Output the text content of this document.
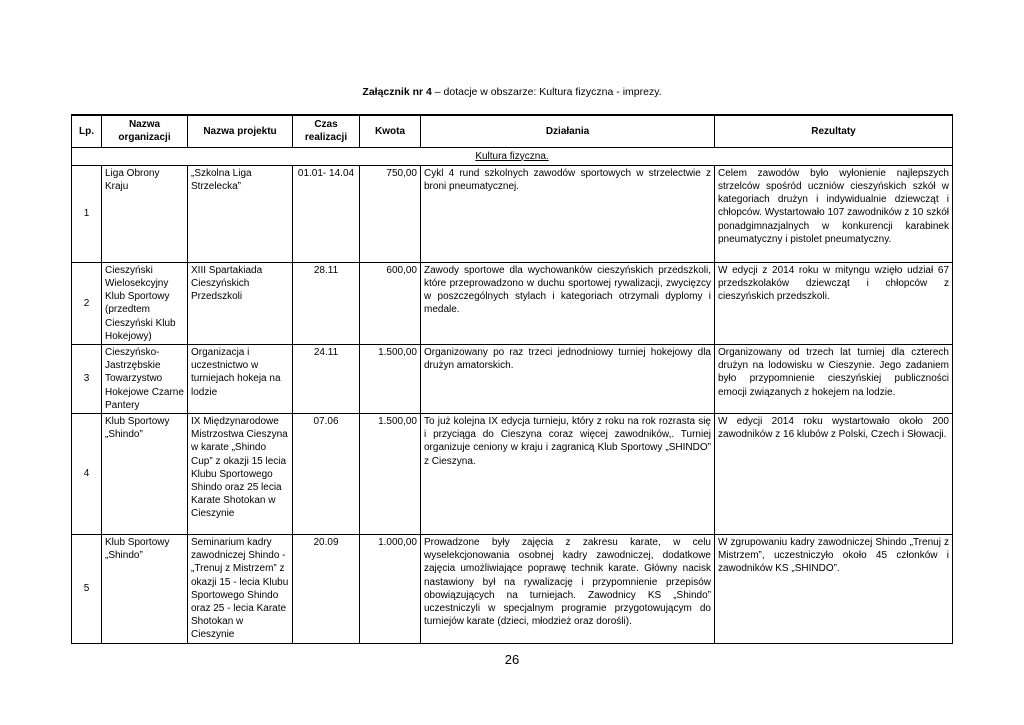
Załącznik nr 4 – dotacje w obszarze: Kultura fizyczna - imprezy.
Lp.	Nazwa organizacji	Nazwa projektu	Czas realizacji	Kwota	Działania	Rezultaty
Kultura fizyczna.						
1	Liga Obrony Kraju	„Szkolna Liga Strzelecka”	01.01- 14.04	750,00	Cykl 4 rund szkolnych zawodów sportowych w strzelectwie z broni pneumatycznej.	Celem zawodów było wyłonienie najlepszych strzelców spośród uczniów cieszyńskich szkół w kategoriach drużyn i indywidualnie dziewcząt i chłopców. Wystartowało 107 zawodników z 10 szkół ponadgimnazjalnych w konkurencji karabinek pneumatyczny i pistolet pneumatyczny.
2	Cieszyński Wielosekcyjny Klub Sportowy (przedtem Cieszyński Klub Hokejowy)	XIII Spartakiada Cieszyńskich Przedszkoli	28.11	600,00	Zawody sportowe dla wychowanków cieszyńskich przedszkoli, które przeprowadzono w duchu sportowej rywalizacji, zwycięzcy w poszczególnych stylach i kategoriach otrzymali dyplomy i medale.	W edycji z 2014 roku w mityngu wzięło udział 67 przedszkolaków dziewcząt i chłopców z cieszyńskich przedszkoli.
3	Cieszyńsko-Jastrzębskie Towarzystwo Hokejowe Czarne Pantery	Organizacja i uczestnictwo w turniejach hokeja na lodzie	24.11	1.500,00	Organizowany po raz trzeci jednodniowy turniej hokejowy dla drużyn amatorskich.	Organizowany od trzech lat turniej dla czterech drużyn na lodowisku w Cieszynie. Jego zadaniem było przypomnienie cieszyńskiej publiczności emocji związanych z hokejem na lodzie.
4	Klub Sportowy „Shindo”	IX Międzynarodowe Mistrzostwa Cieszyna w karate „Shindo Cup” z okazji 15 lecia Klubu Sportowego Shindo oraz 25 lecia Karate Shotokan w Cieszynie	07.06	1.500,00	To już kolejna IX edycja turnieju, który z roku na rok rozrasta się i przyciąga do Cieszyna coraz więcej zawodników,. Turniej organizuje ceniony w kraju i zagranicą Klub Sportowy „SHINDO” z Cieszyna.	W edycji 2014 roku wystartowało około 200 zawodników z 16 klubów z Polski, Czech i Słowacji.
5	Klub Sportowy „Shindo”	Seminarium kadry zawodniczej Shindo - „Trenuj z Mistrzem” z okazji 15 - lecia Klubu Sportowego Shindo oraz 25 - lecia Karate Shotokan w Cieszynie	20.09	1.000,00	Prowadzone były zajęcia z zakresu karate, w celu wyselekcjonowania osobnej kadry zawodniczej, dodatkowe zajęcia umożliwiające poprawę technik karate. Główny nacisk nastawiony był na rywalizację i przypomnienie przepisów obowiązujących na turniejach. Zawodnicy KS „Shindo” uczestniczyli w specjalnym programie przygotowującym do turniejów karate (dzieci, młodzież oraz dorośli).	W zgrupowaniu kadry zawodniczej Shindo „Trenuj z Mistrzem”, uczestniczyło około 45 członków i zawodników KS „SHINDO”.
26
